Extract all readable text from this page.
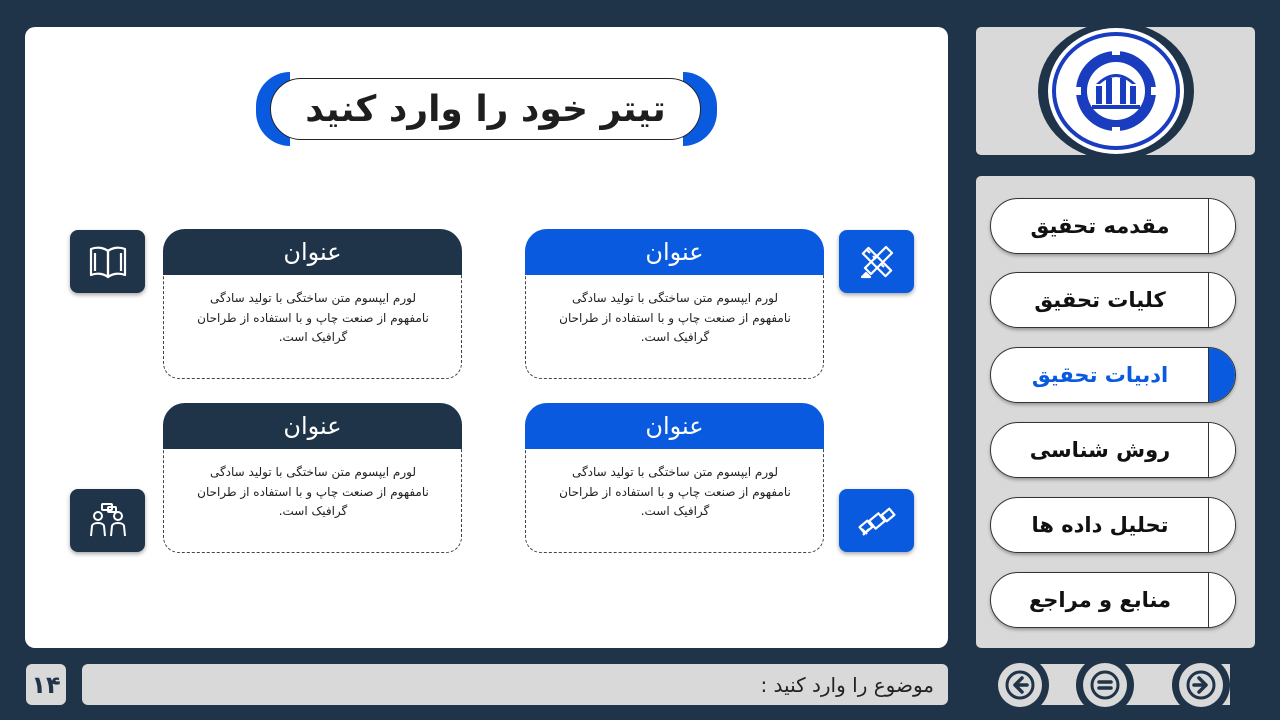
تیتر خود را وارد کنید
عنوان
لورم ایپسوم متن ساختگی با تولید سادگی نامفهوم از صنعت چاپ و با استفاده از طراحان گرافیک است.
عنوان
لورم ایپسوم متن ساختگی با تولید سادگی نامفهوم از صنعت چاپ و با استفاده از طراحان گرافیک است.
عنوان
لورم ایپسوم متن ساختگی با تولید سادگی نامفهوم از صنعت چاپ و با استفاده از طراحان گرافیک است.
عنوان
لورم ایپسوم متن ساختگی با تولید سادگی نامفهوم از صنعت چاپ و با استفاده از طراحان گرافیک است.
مقدمه تحقیق
کلیات تحقیق
ادبیات تحقیق
روش شناسی
تحلیل داده ها
منابع و مراجع
۱۴	موضوع را وارد کنید :
